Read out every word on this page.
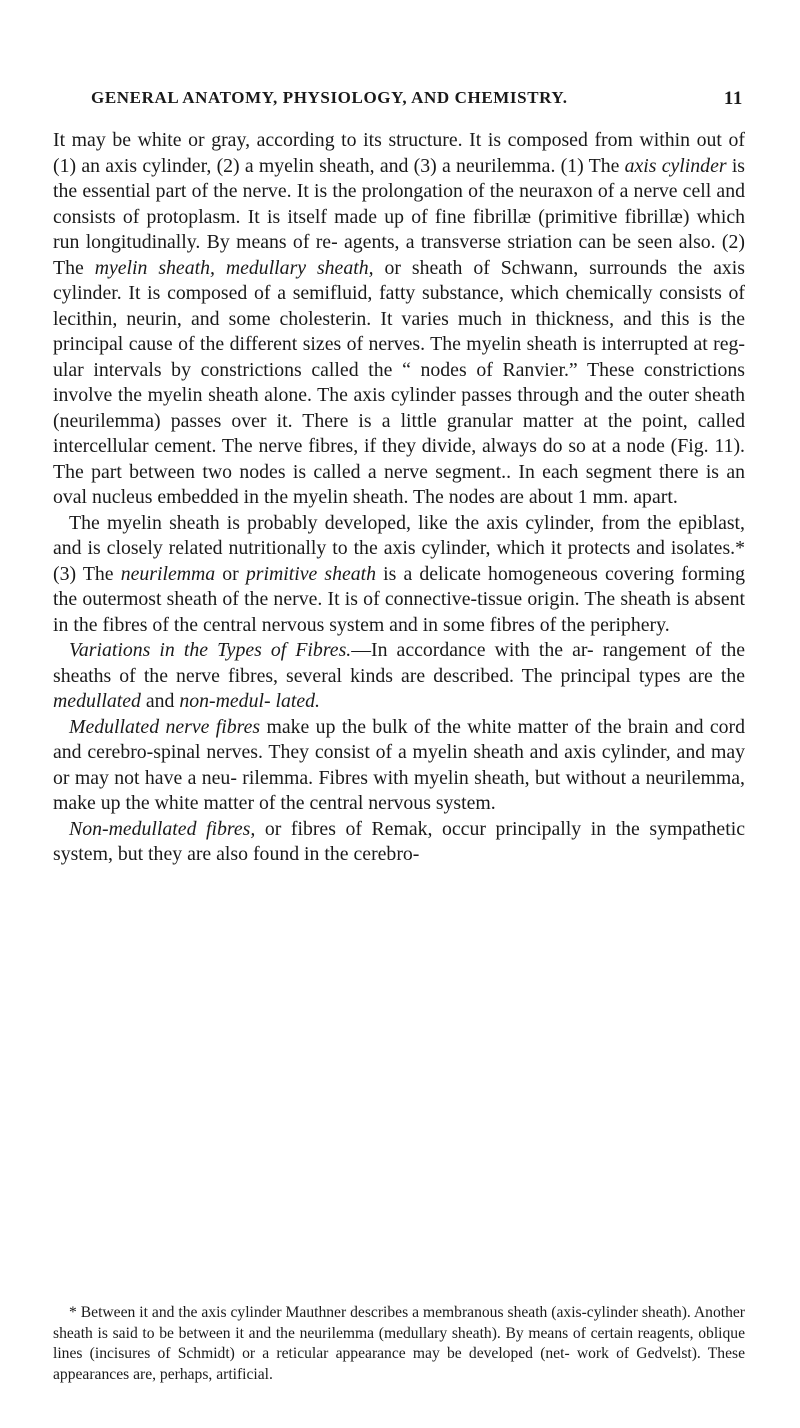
GENERAL ANATOMY, PHYSIOLOGY, AND CHEMISTRY.	11

It may be white or gray, according to its structure. It is composed from within out of (1) an axis cylinder, (2) a myelin sheath, and (3) a neurilemma. (1) The axis cylinder is the essential part of the nerve. It is the prolongation of the neuraxon of a nerve cell and consists of protoplasm. It is itself made up of fine fibrillæ (primitive fibrillæ) which run longitudinally. By means of re- agents, a transverse striation can be seen also. (2) The myelin sheath, medullary sheath, or sheath of Schwann, surrounds the axis cylinder. It is composed of a semifluid, fatty substance, which chemically consists of lecithin, neurin, and some cholesterin. It varies much in thickness, and this is the principal cause of the different sizes of nerves. The myelin sheath is interrupted at reg- ular intervals by constrictions called the “ nodes of Ranvier.” These constrictions involve the myelin sheath alone. The axis cylinder passes through and the outer sheath (neurilemma) passes over it. There is a little granular matter at the point, called intercellular cement. The nerve fibres, if they divide, always do so at a node (Fig. 11). The part between two nodes is called a nerve segment.. In each segment there is an oval nucleus embedded in the myelin sheath. The nodes are about 1 mm. apart.

The myelin sheath is probably developed, like the axis cylinder, from the epiblast, and is closely related nutritionally to the axis cylinder, which it protects and isolates.* (3) The neurilemma or primitive sheath is a delicate homogeneous covering forming the outermost sheath of the nerve. It is of connective-tissue origin. The sheath is absent in the fibres of the central nervous system and in some fibres of the periphery.

Variations in the Types of Fibres.—In accordance with the ar- rangement of the sheaths of the nerve fibres, several kinds are described. The principal types are the medullated and non-medul- lated.

Medullated nerve fibres make up the bulk of the white matter of the brain and cord and cerebro-spinal nerves. They consist of a myelin sheath and axis cylinder, and may or may not have a neu- rilemma. Fibres with myelin sheath, but without a neurilemma, make up the white matter of the central nervous system.

Non-medullated fibres, or fibres of Remak, occur principally in the sympathetic system, but they are also found in the cerebro-

* Between it and the axis cylinder Mauthner describes a membranous sheath (axis-cylinder sheath). Another sheath is said to be between it and the neurilemma (medullary sheath). By means of certain reagents, oblique lines (incisures of Schmidt) or a reticular appearance may be developed (net- work of Gedvelst). These appearances are, perhaps, artificial.
